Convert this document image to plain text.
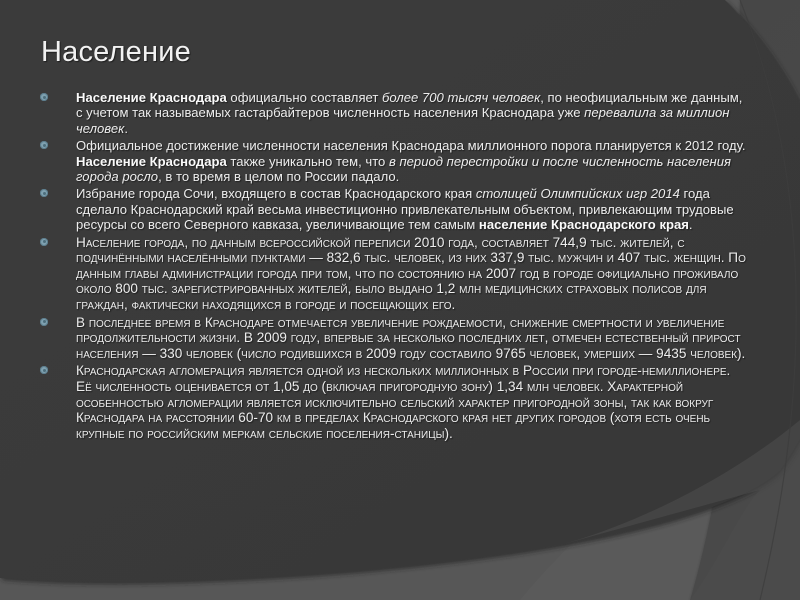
Население
Население Краснодара официально составляет более 700 тысяч человек, по неофициальным же данным, с учетом так называемых гастарбайтеров численность населения Краснодара уже перевалила за миллион человек.
Официальное достижение численности населения Краснодара миллионного порога планируется к 2012 году. Население Краснодара также уникально тем, что в период перестройки и после численность населения города росло, в то время в целом по России падало.
Избрание города Сочи, входящего в состав Краснодарского края столицей Олимпийских игр 2014 года сделало Краснодарский край весьма инвестиционно привлекательным объектом, привлекающим трудовые ресурсы со всего Северного кавказа, увеличивающие тем самым население Краснодарского края.
Население города, по данным всероссийской переписи 2010 года, составляет 744,9 тыс. жителей, с подчинёнными населёнными пунктами — 832,6 тыс. человек, из них 337,9 тыс. мужчин и 407 тыс. женщин. По данным главы администрации города при том, что по состоянию на 2007 год в городе официально проживало около 800 тыс. зарегистрированных жителей, было выдано 1,2 млн медицинских страховых полисов для граждан, фактически находящихся в городе и посещающих его.
В последнее время в Краснодаре отмечается увеличение рождаемости, снижение смертности и увеличение продолжительности жизни. В 2009 году, впервые за несколько последних лет, отмечен естественный прирост населения — 330 человек (число родившихся в 2009 году составило 9765 человек, умерших — 9435 человек).
Краснодарская агломерация является одной из нескольких миллионных в России при городе-немиллионере. Её численность оценивается от 1,05 до (включая пригородную зону) 1,34 млн человек. Характерной особенностью агломерации является исключительно сельский характер пригородной зоны, так как вокруг Краснодара на расстоянии 60-70 км в пределах Краснодарского края нет других городов (хотя есть очень крупные по российским меркам сельские поселения-станицы).
